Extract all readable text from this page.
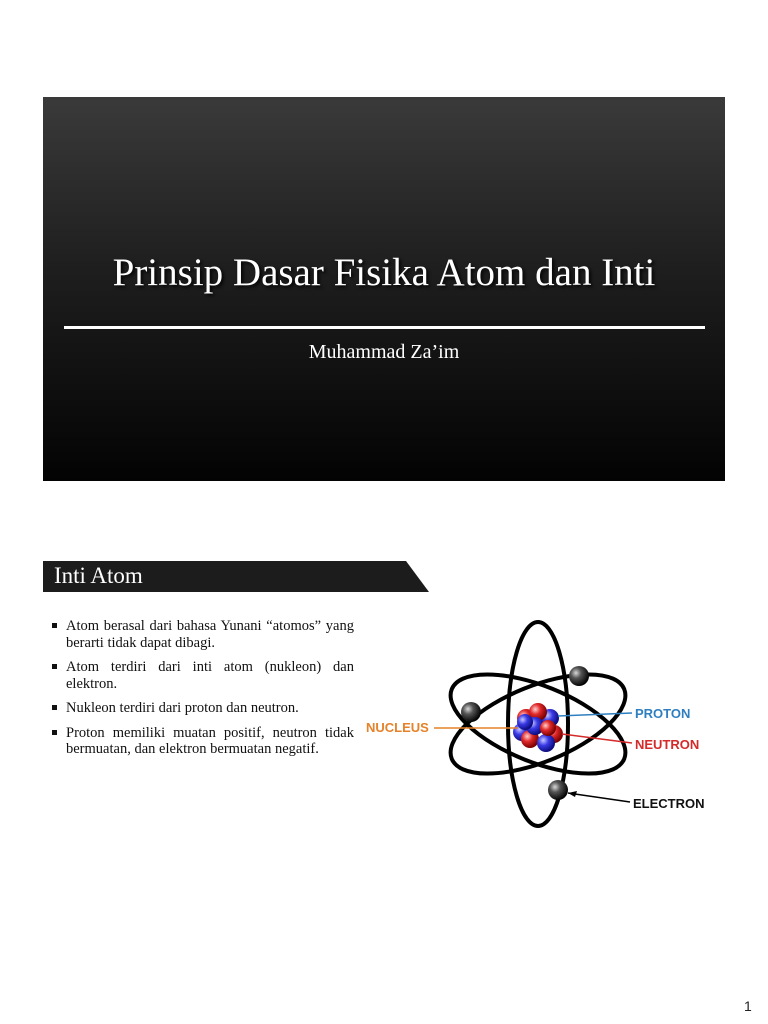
Prinsip Dasar Fisika Atom dan Inti
Muhammad Za’im
Inti Atom
Atom berasal dari bahasa Yunani “atomos” yang berarti tidak dapat dibagi.
Atom terdiri dari inti atom (nukleon) dan elektron.
Nukleon terdiri dari proton dan neutron.
Proton memiliki muatan positif, neutron tidak bermuatan, dan elektron bermuatan negatif.
NUCLEUS
PROTON
NEUTRON
ELECTRON
1
